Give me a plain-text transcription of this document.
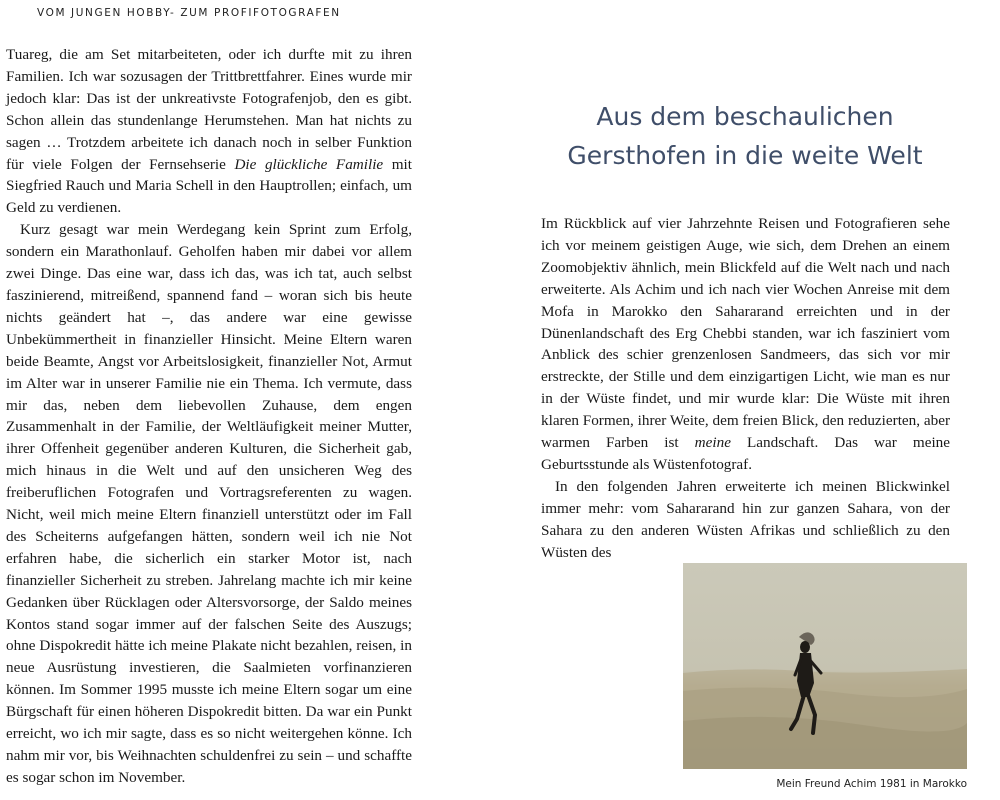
VOM JUNGEN HOBBY- ZUM PROFIFOTOGRAFEN

Tuareg, die am Set mitarbeiteten, oder ich durfte mit zu ihren Familien. Ich war sozusagen der Trittbrettfahrer. Eines wurde mir jedoch klar: Das ist der unkreativste Fotografenjob, den es gibt. Schon allein das stundenlange Herumstehen. Man hat nichts zu sagen … Trotzdem arbeitete ich danach noch in selber Funktion für viele Folgen der Fernsehserie Die glückliche Familie mit Siegfried Rauch und Maria Schell in den Hauptrollen; einfach, um Geld zu verdienen.

Kurz gesagt war mein Werdegang kein Sprint zum Erfolg, sondern ein Marathonlauf. Geholfen haben mir dabei vor allem zwei Dinge. Das eine war, dass ich das, was ich tat, auch selbst faszinierend, mitreißend, spannend fand – woran sich bis heute nichts geändert hat –, das andere war eine gewisse Unbekümmertheit in finanzieller Hinsicht. Meine Eltern waren beide Beamte, Angst vor Arbeitslosigkeit, finanzieller Not, Armut im Alter war in unserer Familie nie ein Thema. Ich vermute, dass mir das, neben dem liebevollen Zuhause, dem engen Zusammenhalt in der Familie, der Weltläufigkeit meiner Mutter, ihrer Offenheit gegenüber anderen Kulturen, die Sicherheit gab, mich hinaus in die Welt und auf den unsicheren Weg des freiberuflichen Fotografen und Vortragsreferenten zu wagen. Nicht, weil mich meine Eltern finanziell unterstützt oder im Fall des Scheiterns aufgefangen hätten, sondern weil ich nie Not erfahren habe, die sicherlich ein starker Motor ist, nach finanzieller Sicherheit zu streben. Jahrelang machte ich mir keine Gedanken über Rücklagen oder Altersvorsorge, der Saldo meines Kontos stand sogar immer auf der falschen Seite des Auszugs; ohne Dispokredit hätte ich meine Plakate nicht bezahlen, reisen, in neue Ausrüstung investieren, die Saalmieten vorfinanzieren können. Im Sommer 1995 musste ich meine Eltern sogar um eine Bürgschaft für einen höheren Dispokredit bitten. Da war ein Punkt erreicht, wo ich mir sagte, dass es so nicht weitergehen könne. Ich nahm mir vor, bis Weihnachten schuldenfrei zu sein – und schaffte es sogar schon im November.

Aus dem beschaulichen
Gersthofen in die weite Welt

Im Rückblick auf vier Jahrzehnte Reisen und Fotografieren sehe ich vor meinem geistigen Auge, wie sich, dem Drehen an einem Zoomobjektiv ähnlich, mein Blickfeld auf die Welt nach und nach erweiterte. Als Achim und ich nach vier Wochen Anreise mit dem Mofa in Marokko den Sahararand erreichten und in der Dünenlandschaft des Erg Chebbi standen, war ich fasziniert vom Anblick des schier grenzenlosen Sandmeers, das sich vor mir erstreckte, der Stille und dem einzigartigen Licht, wie man es nur in der Wüste findet, und mir wurde klar: Die Wüste mit ihren klaren Formen, ihrer Weite, dem freien Blick, den reduzierten, aber warmen Farben ist meine Landschaft. Das war meine Geburtsstunde als Wüstenfotograf.

In den folgenden Jahren erweiterte ich meinen Blickwinkel immer mehr: vom Sahararand hin zur ganzen Sahara, von der Sahara zu den anderen Wüsten Afrikas und schließlich zu den Wüsten des

Mein Freund Achim 1981 in Marokko
